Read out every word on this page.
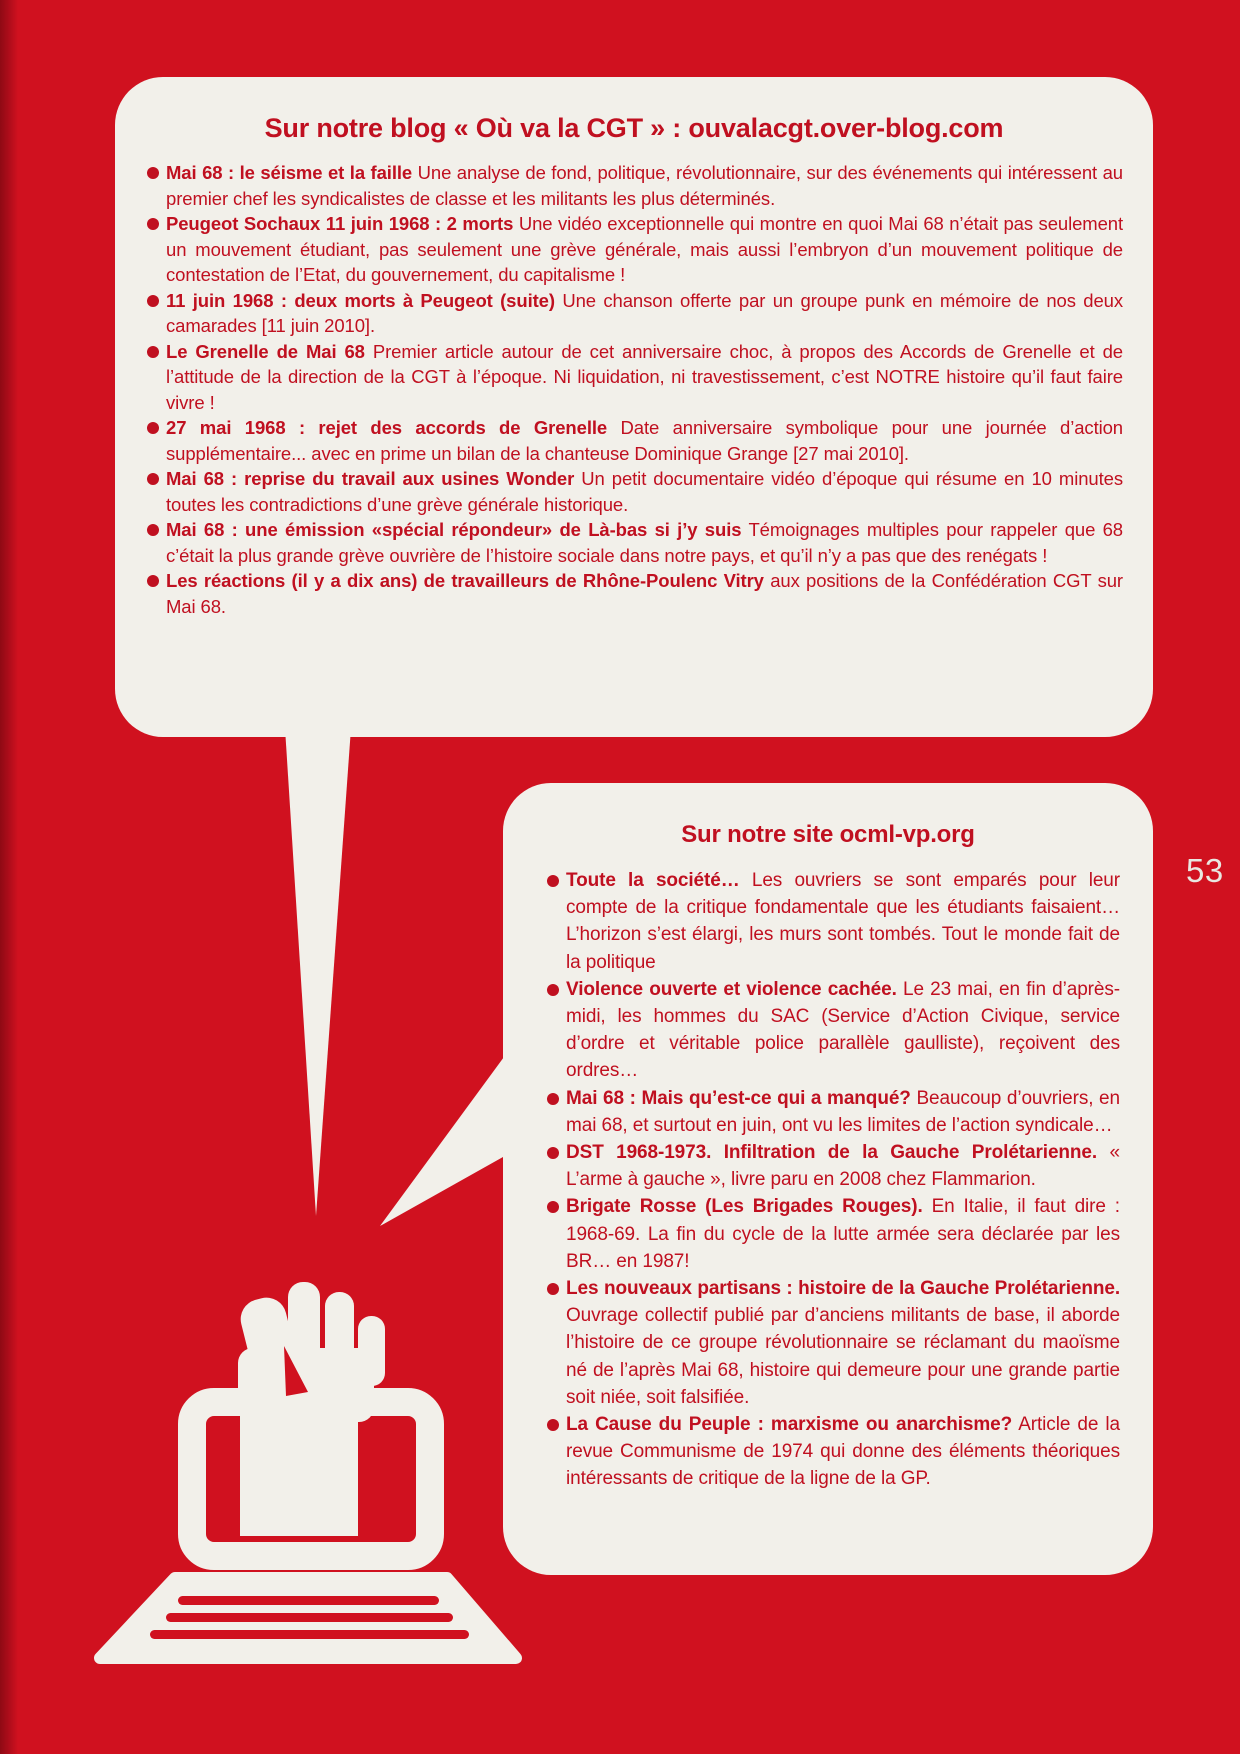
Sur notre blog « Où va la CGT » : ouvalacgt.over-blog.com
Mai 68 : le séisme et la faille Une analyse de fond, politique, révolutionnaire, sur des événements qui intéressent au premier chef les syndicalistes de classe et les militants les plus déterminés.
Peugeot Sochaux 11 juin 1968 : 2 morts Une vidéo exceptionnelle qui montre en quoi Mai 68 n’était pas seulement un mouvement étudiant, pas seulement une grève générale, mais aussi l’embryon d’un mouvement politique de contestation de l’Etat, du gouvernement, du capitalisme !
11 juin 1968 : deux morts à Peugeot (suite) Une chanson offerte par un groupe punk en mémoire de nos deux camarades [11 juin 2010].
Le Grenelle de Mai 68 Premier article autour de cet anniversaire choc, à propos des Accords de Grenelle et de l’attitude de la direction de la CGT à l’époque. Ni liquidation, ni travestissement, c’est NOTRE histoire qu’il faut faire vivre !
27 mai 1968 : rejet des accords de Grenelle Date anniversaire symbolique pour une journée d’action supplémentaire... avec en prime un bilan de la chanteuse Dominique Grange [27 mai 2010].
Mai 68 : reprise du travail aux usines Wonder Un petit documentaire vidéo d’époque qui résume en 10 minutes toutes les contradictions d’une grève générale historique.
Mai 68 : une émission «spécial répondeur» de Là-bas si j’y suis Témoignages multiples pour rappeler que 68 c’était la plus grande grève ouvrière de l’histoire sociale dans notre pays, et qu’il n’y a pas que des renégats !
Les réactions (il y a dix ans) de travailleurs de Rhône-Poulenc Vitry aux positions de la Confédération CGT sur Mai 68.
Sur notre site ocml-vp.org
Toute la société… Les ouvriers se sont emparés pour leur compte de la critique fondamentale que les étudiants faisaient… L’horizon s’est élargi, les murs sont tombés. Tout le monde fait de la politique
Violence ouverte et violence cachée. Le 23 mai, en fin d’après-midi, les hommes du SAC (Service d’Action Civique, service d’ordre et véritable police parallèle gaulliste), reçoivent des ordres…
Mai 68 : Mais qu’est-ce qui a manqué? Beaucoup d’ouvriers, en mai 68, et surtout en juin, ont vu les limites de l’action syndicale…
DST 1968-1973. Infiltration de la Gauche Prolétarienne. « L’arme à gauche », livre paru en 2008 chez Flammarion.
Brigate Rosse (Les Brigades Rouges). En Italie, il faut dire : 1968-69. La fin du cycle de la lutte armée sera déclarée par les BR… en 1987!
Les nouveaux partisans : histoire de la Gauche Prolétarienne. Ouvrage collectif publié par d’anciens militants de base, il aborde l’histoire de ce groupe révolutionnaire se réclamant du maoïsme né de l’après Mai 68, histoire qui demeure pour une grande partie soit niée, soit falsifiée.
La Cause du Peuple : marxisme ou anarchisme? Article de la revue Communisme de 1974 qui donne des éléments théoriques intéressants de critique de la ligne de la GP.
53
